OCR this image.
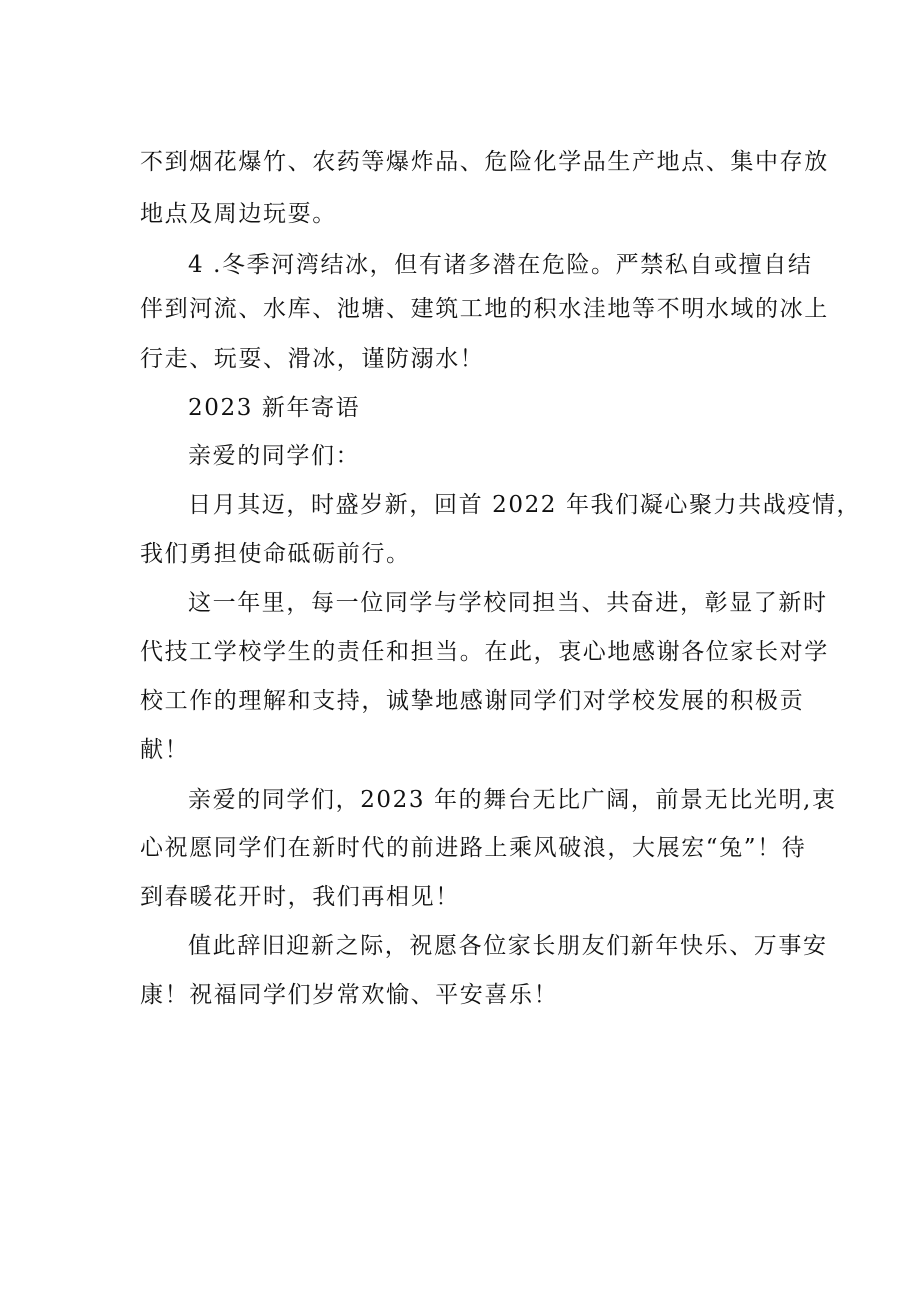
不到烟花爆竹、农药等爆炸品、危险化学品生产地点、集中存放
地点及周边玩耍。
4 .冬季河湾结冰，但有诸多潜在危险。严禁私自或擅自结
伴到河流、水库、池塘、建筑工地的积水洼地等不明水域的冰上
行走、玩耍、滑冰，谨防溺水！
2023 新年寄语
亲爱的同学们：
日月其迈，时盛岁新，回首 2022 年我们凝心聚力共战疫情，
我们勇担使命砥砺前行。
这一年里，每一位同学与学校同担当、共奋进，彰显了新时
代技工学校学生的责任和担当。在此，衷心地感谢各位家长对学
校工作的理解和支持，诚挚地感谢同学们对学校发展的积极贡
献！
亲爱的同学们，2023 年的舞台无比广阔，前景无比光明,衷
心祝愿同学们在新时代的前进路上乘风破浪，大展宏“兔”！待
到春暖花开时，我们再相见！
值此辞旧迎新之际，祝愿各位家长朋友们新年快乐、万事安
康！祝福同学们岁常欢愉、平安喜乐！
